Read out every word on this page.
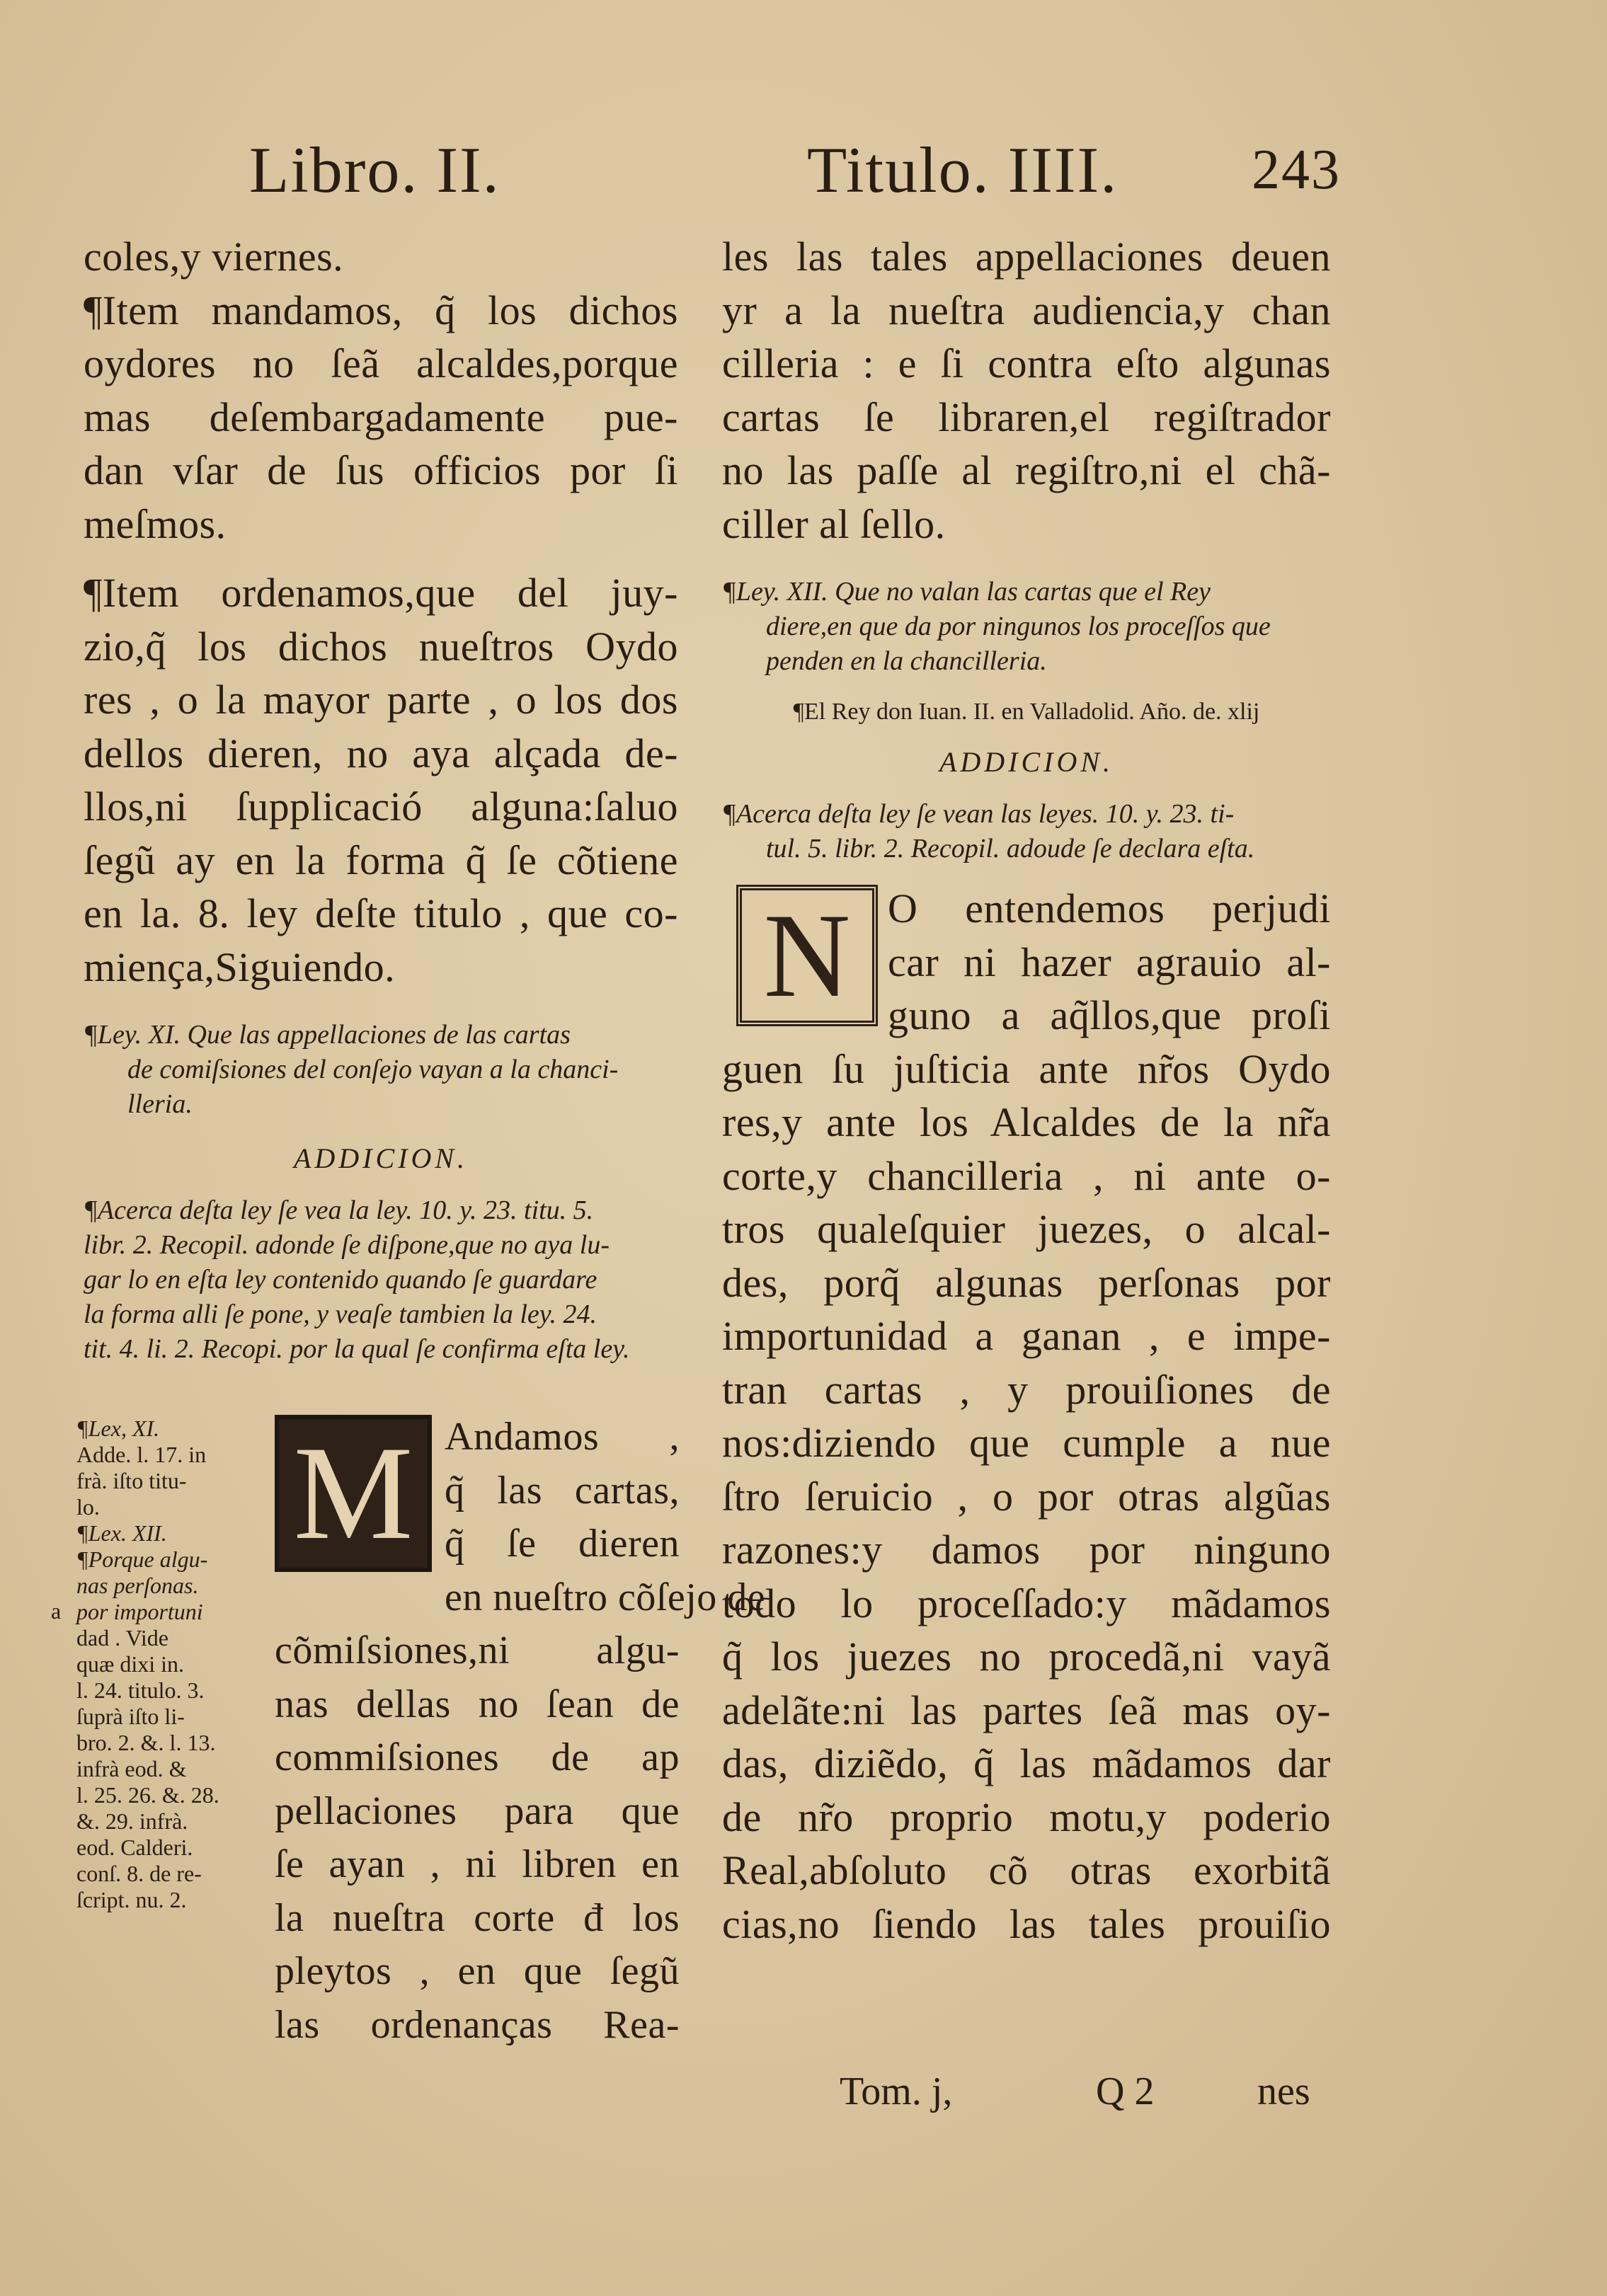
Libro. II.	Titulo. IIII. 243
coles,y viernes.
¶Item mandamos, q̃ los dichos
oydores no ſeã alcaldes,porque
mas deſembargadamente pue-
dan vſar de ſus officios por ſi
meſmos.
¶Item ordenamos,que del juy-
zio,q̃ los dichos nueſtros Oydo
res , o la mayor parte , o los dos
dellos dieren, no aya alçada de-
llos,ni ſupplicació alguna:ſaluo
ſegũ ay en la forma q̃ ſe cõtiene
en la. 8. ley deſte titulo , que co-
mienҫa,Siguiendo.
¶Ley. XI. Que las appellaciones de las cartas
de comiſsiones del conſejo vayan a la chanci-
lleria.
ADDICION.
¶Acerca deſta ley ſe vea la ley. 10. y. 23. titu. 5.
libr. 2. Recopil. adonde ſe diſpone,que no aya lu-
gar lo en eſta ley contenido quando ſe guardare
la forma alli ſe pone, y veaſe tambien la ley. 24.
tit. 4. li. 2. Recopi. por la qual ſe confirma eſta ley.
a
¶Lex, XI.
Adde. l. 17. in
frà. iſto titu-
lo.
¶Lex. XII.
¶Porque algu-
nas perſonas.
por importuni
dad . Vide
quæ dixi in.
l. 24. titulo. 3.
ſuprà iſto li-
bro. 2. &. l. 13.
infrà eod. &
l. 25. 26. &. 28.
&. 29. infrà.
eod. Calderi.
conſ. 8. de re-
ſcript. nu. 2.
M Andamos ,
q̃ las cartas,
q̃ ſe dieren
en nueſtro cõſejo de
cõmiſsiones,ni algu-
nas dellas no ſean de
commiſsiones de ap
pellaciones para que
ſe ayan , ni libren en
la nueſtra corte đ los
pleytos , en que ſegũ
las ordenanҫas Rea-
les las tales appellaciones deuen
yr a la nueſtra audiencia,y chan
cilleria : e ſi contra eſto algunas
cartas ſe libraren,el regiſtrador
no las paſſe al regiſtro,ni el chã-
ciller al ſello.
¶Ley. XII. Que no valan las cartas que el Rey
diere,en que da por ningunos los proceſſos que
penden en la chancilleria.
¶El Rey don Iuan. II. en Valladolid. Año. de. xlij
ADDICION.
¶Acerca deſta ley ſe vean las leyes. 10. y. 23. ti-
tul. 5. libr. 2. Recopil. adoude ſe declara eſta.
N O entendemos perjudi
car ni hazer agrauio al-
guno a aq̃llos,que proſi
guen ſu juſticia ante nr̃os Oydo
res,y ante los Alcaldes de la nr̃a
corte,y chancilleria , ni ante o-
tros qualeſquier juezes, o alcal-
des, porq̃ algunas perſonas por
importunidad a ganan , e impe-
tran cartas , y prouiſiones de
nos:diziendo que cumple a nue
ſtro ſeruicio , o por otras algũas
razones:y damos por ninguno
todo lo proceſſado:y mãdamos
q̃ los juezes no procedã,ni vayã
adelãte:ni las partes ſeã mas oy-
das, diziẽdo, q̃ las mãdamos dar
de nr̃o proprio motu,y poderio
Real,abſoluto cõ otras exorbitã
cias,no ſiendo las tales prouiſio
Tom. j,	Q 2	nes
